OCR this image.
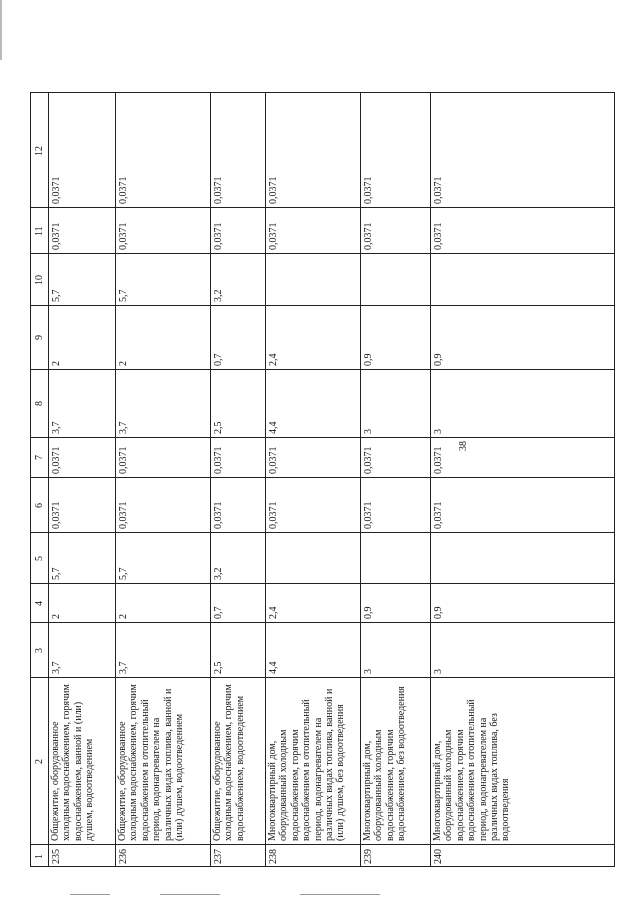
38
1
2
3
4
5
6
7
8
9
10
11
12
235
Общежитие, оборудованное холодным водоснабжением, горячим водоснабжением, ванной и (или) душем, водоотведением
3,7
2
5,7
0,0371
0,0371
3,7
2
5,7
0,0371
0,0371
236
Общежитие, оборудованное холодным водоснабжением, горячим водоснабжением в отопительный период, водонагревателем на различных видах топлива, ванной и (или) душем, водоотведением
3,7
2
5,7
0,0371
0,0371
3,7
2
5,7
0,0371
0,0371
237
Общежитие, оборудованное холодным водоснабжением, горячим водоснабжением, водоотведением
2,5
0,7
3,2
0,0371
0,0371
2,5
0,7
3,2
0,0371
0,0371
238
Многоквартирный дом, оборудованный холодным водоснабжением, горячим водоснабжением в отопительный период, водонагревателем на различных видах топлива, ванной и (или) душем, без водоотведения
4,4
2,4
0,0371
0,0371
4,4
2,4
0,0371
0,0371
239
Многоквартирный дом, оборудованный холодным водоснабжением, горячим водоснабжением, без водоотведения
3
0,9
0,0371
0,0371
3
0,9
0,0371
0,0371
240
Многоквартирный дом, оборудованный холодным водоснабжением, горячим водоснабжением в отопительный период, водонагревателем на различных видах топлива, без водоотведения
3
0,9
0,0371
0,0371
3
0,9
0,0371
0,0371
